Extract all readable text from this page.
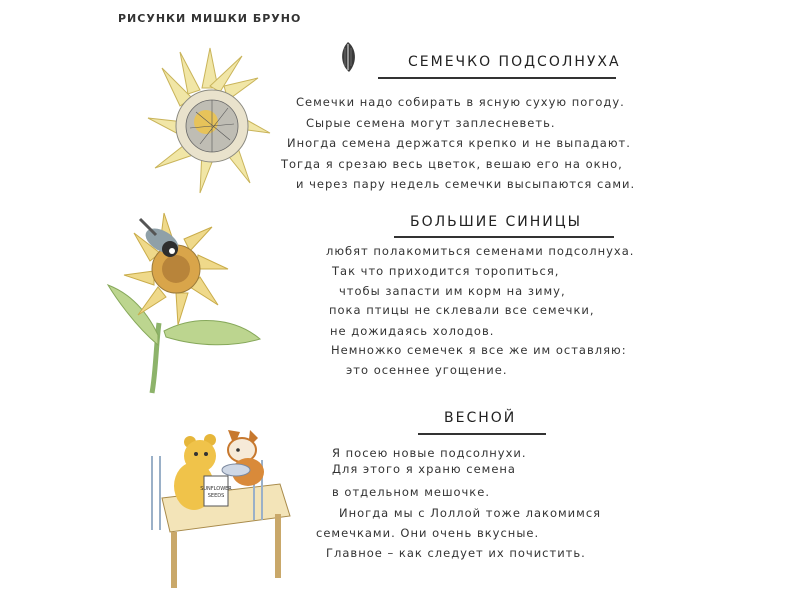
РИСУНКИ МИШКИ БРУНО
SUNFLOWER
SEEDS
СЕМЕЧКО ПОДСОЛНУХА
Семечки надо собирать в ясную сухую погоду.
Сырые семена могут заплесневеть.
Иногда семена держатся крепко и не выпадают.
Тогда я срезаю весь цветок, вешаю его на окно,
и через пару недель семечки высыпаются сами.
БОЛЬШИЕ СИНИЦЫ
любят полакомиться семенами подсолнуха.
Так что приходится торопиться,
чтобы запасти им корм на зиму,
пока птицы не склевали все семечки,
не дожидаясь холодов.
Немножко семечек я все же им оставляю:
это осеннее угощение.
ВЕСНОЙ
Я посею новые подсолнухи.
Для этого я храню семена
в отдельном мешочке.
Иногда мы с Лоллой тоже лакомимся
семечками. Они очень вкусные.
Главное – как следует их почистить.
